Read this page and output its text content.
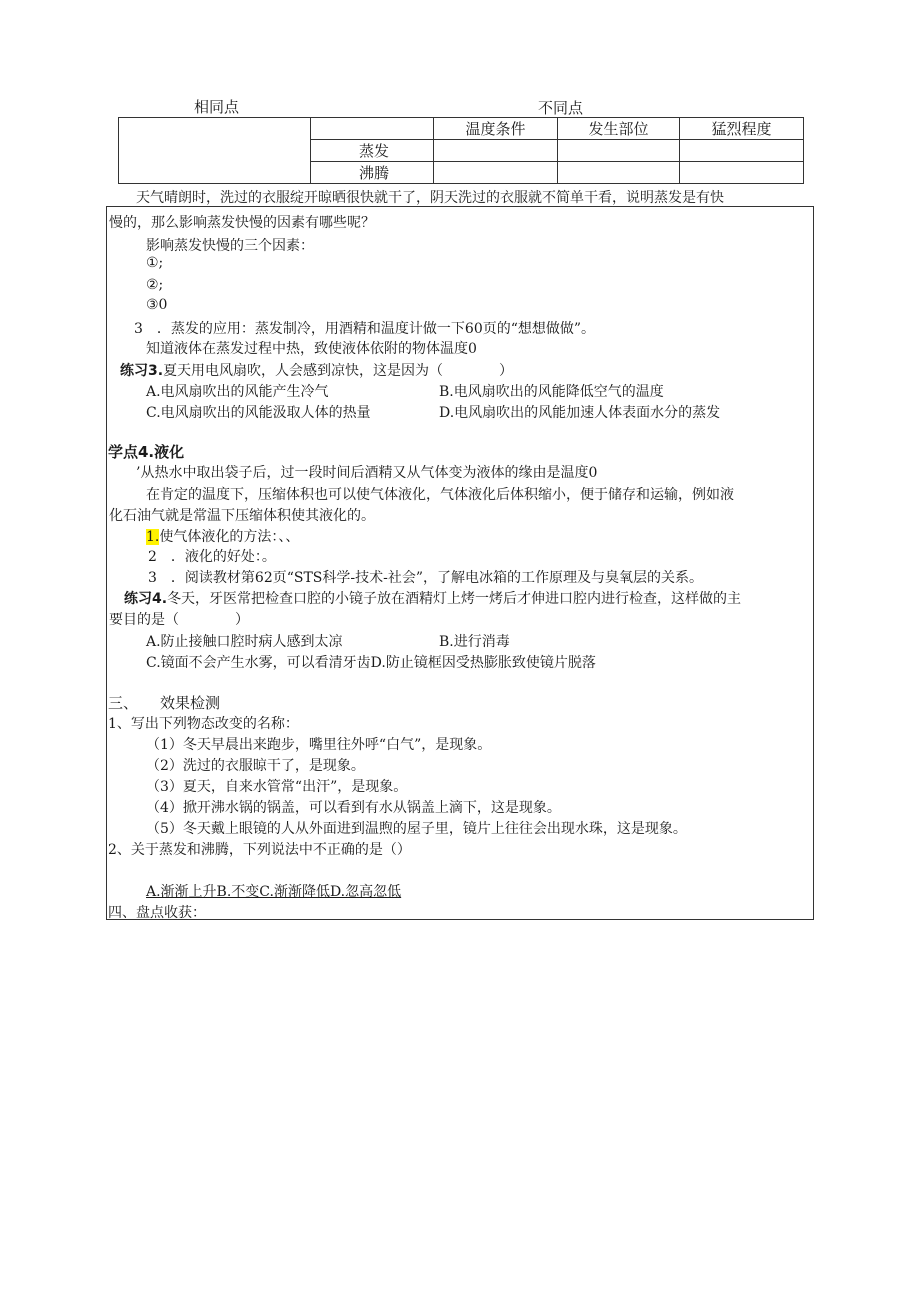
相同点	不同点
		温度条件	发生部位	猛烈程度
	蒸发			
	沸腾			
天气晴朗时，洗过的衣服绽开晾晒很快就干了，阴天洗过的衣服就不简单干看，说明蒸发是有快
慢的，那么影响蒸发快慢的因素有哪些呢？
影响蒸发快慢的三个因素：
①;
②;
③0
3　．蒸发的应用：蒸发制冷，用酒精和温度计做一下60页的“想想做做”。
知道液体在蒸发过程中热，致使液体依附的物体温度0
练习3.夏天用电风扇吹，人会感到凉快，这是因为（　　　　）
A.电风扇吹出的风能产生冷气	B.电风扇吹出的风能降低空气的温度
C.电风扇吹出的风能汲取人体的热量	D.电风扇吹出的风能加速人体表面水分的蒸发
学点4.液化
’从热水中取出袋子后，过一段时间后酒精又从气体变为液体的缘由是温度0
在肯定的温度下，压缩体积也可以使气体液化，气体液化后体积缩小，便于储存和运输，例如液
化石油气就是常温下压缩体积使其液化的。
1.使气体液化的方法：、、
2　．液化的好处：。
3　．阅读教材第62页“STS科学-技术-社会”，了解电冰箱的工作原理及与臭氧层的关系。
练习4.冬天，牙医常把检查口腔的小镜子放在酒精灯上烤一烤后才伸进口腔内进行检查，这样做的主
要目的是（　　　　）
A.防止接触口腔时病人感到太凉	B.进行消毒
C.镜面不会产生水雾，可以看清牙齿D.防止镜框因受热膨胀致使镜片脱落
三、 效果检测
1、写出下列物态改变的名称：
（1）冬天早晨出来跑步，嘴里往外呼“白气”，是现象。
（2）洗过的衣服晾干了，是现象。
（3）夏天，自来水管常“出汗”，是现象。
（4）掀开沸水锅的锅盖，可以看到有水从锅盖上滴下，这是现象。
（5）冬天戴上眼镜的人从外面进到温煦的屋子里，镜片上往往会出现水珠，这是现象。
2、关于蒸发和沸腾，下列说法中不正确的是（）
A.渐渐上升B.不变C.渐渐降低D.忽高忽低
四、盘点收获：
